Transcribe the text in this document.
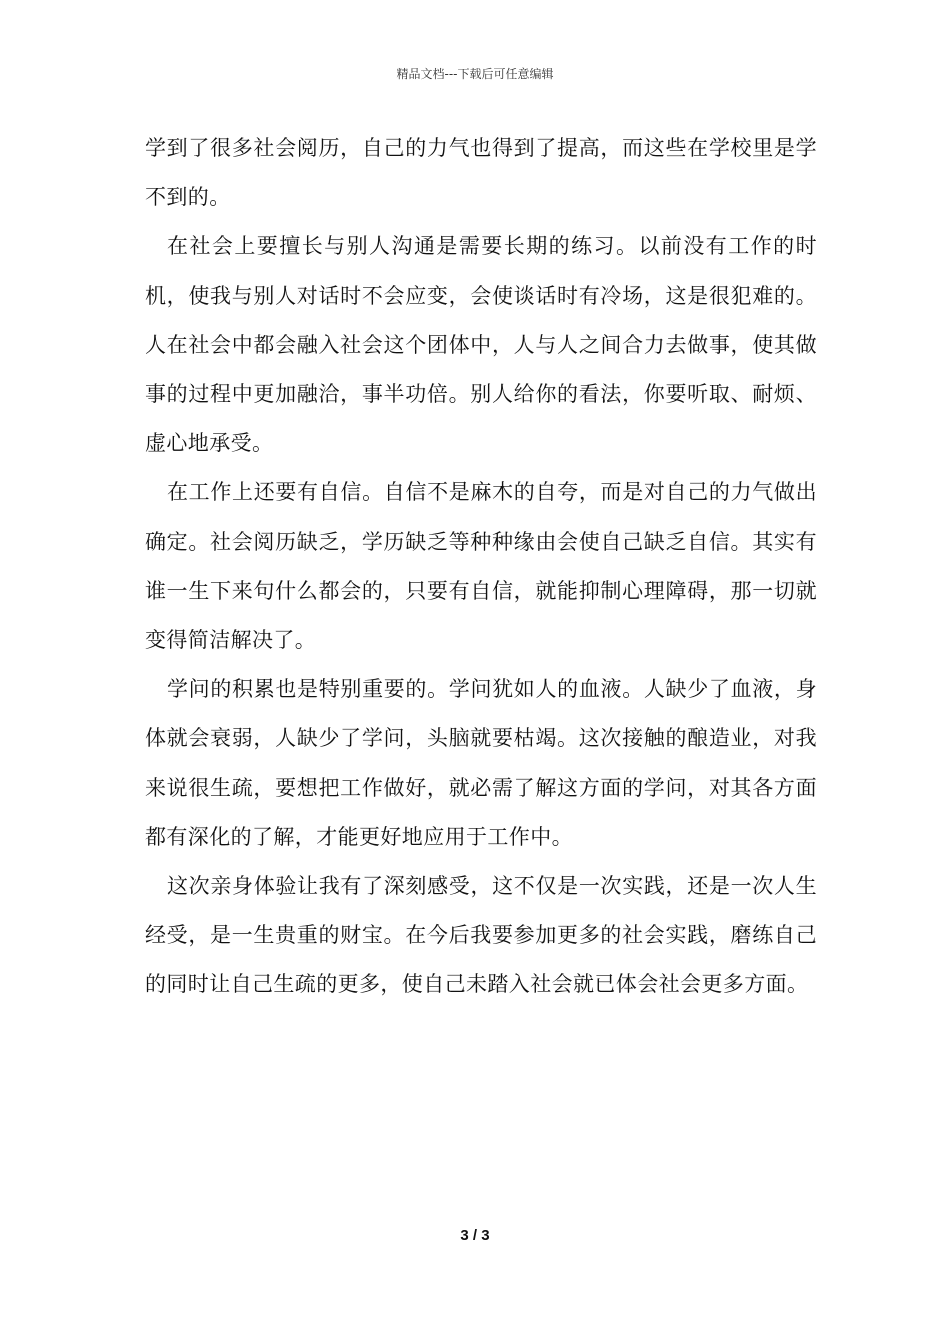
精品文档---下载后可任意编辑

学到了很多社会阅历，自己的力气也得到了提高，而这些在学校里是学不到的。

在社会上要擅长与别人沟通是需要长期的练习。以前没有工作的时机，使我与别人对话时不会应变，会使谈话时有冷场，这是很犯难的。人在社会中都会融入社会这个团体中，人与人之间合力去做事，使其做事的过程中更加融洽，事半功倍。别人给你的看法，你要听取、耐烦、虚心地承受。

在工作上还要有自信。自信不是麻木的自夸，而是对自己的力气做出确定。社会阅历缺乏，学历缺乏等种种缘由会使自己缺乏自信。其实有谁一生下来句什么都会的，只要有自信，就能抑制心理障碍，那一切就变得简洁解决了。

学问的积累也是特别重要的。学问犹如人的血液。人缺少了血液，身体就会衰弱，人缺少了学问，头脑就要枯竭。这次接触的酿造业，对我来说很生疏，要想把工作做好，就必需了解这方面的学问，对其各方面都有深化的了解，才能更好地应用于工作中。

这次亲身体验让我有了深刻感受，这不仅是一次实践，还是一次人生经受，是一生贵重的财宝。在今后我要参加更多的社会实践，磨练自己的同时让自己生疏的更多，使自己未踏入社会就已体会社会更多方面。

3 / 3
